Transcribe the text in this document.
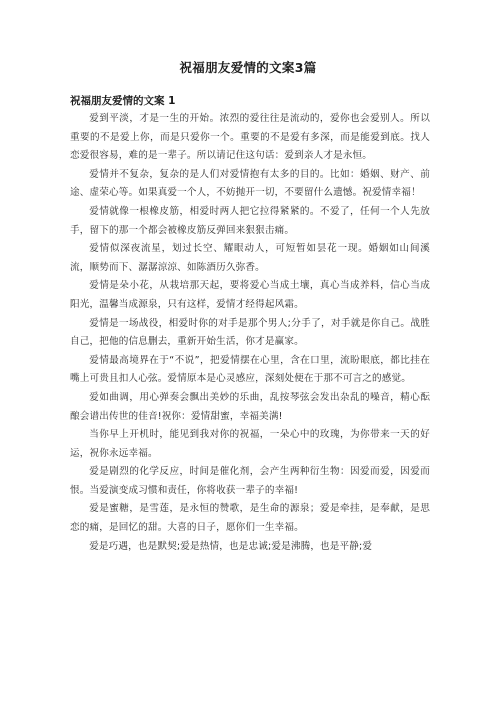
祝福朋友爱情的文案3篇
祝福朋友爱情的文案 1

爱到平淡，才是一生的开始。浓烈的爱往往是流动的，爱你也会爱别人。所以重要的不是爱上你，而是只爱你一个。重要的不是爱有多深，而是能爱到底。找人恋爱很容易，难的是一辈子。所以请记住这句话：爱到亲人才是永恒。

爱情并不复杂，复杂的是人们对爱情抱有太多的目的。比如：婚姻、财产、前途、虚荣心等。如果真爱一个人，不妨抛开一切，不要留什么遗憾。祝爱情幸福！

爱情就像一根橡皮筋，相爱时两人把它拉得紧紧的。不爱了，任何一个人先放手，留下的那一个都会被橡皮筋反弹回来狠狠击痛。

爱情似深夜流星，划过长空、耀眼动人，可短暂如昙花一现。婚姻如山间溪流，顺势而下、潺潺涼涼、如陈酒历久弥香。

爱情是朵小花，从栽培那天起，要将爱心当成土壤，真心当成养料，信心当成阳光，温馨当成源泉，只有这样，爱情才经得起风霜。

爱情是一场战役，相爱时你的对手是那个男人;分手了，对手就是你自己。战胜自己，把他的信息删去，重新开始生活，你才是赢家。

爱情最高境界在于“不说”，把爱情摆在心里，含在口里，流盼眼底，都比挂在嘴上可贵且扣人心弦。爱情原本是心灵感应，深刻处便在于那不可言之的感觉。

爱如曲调，用心弹奏会飘出美妙的乐曲，乱按琴弦会发出杂乱的噪音，精心酝酿会谱出传世的佳音!祝你：爱情甜蜜，幸福美满!

当你早上开机时，能见到我对你的祝福，一朵心中的玫瑰，为你带来一天的好运，祝你永远幸福。

爱是剧烈的化学反应，时间是催化剂，会产生两种衍生物：因爱而爱，因爱而恨。当爱演变成习惯和责任，你将收获一辈子的幸福!

爱是蜜糖，是雪莲，是永恒的赞歌，是生命的源泉；爱是牵挂，是奉献，是思恋的痛，是回忆的甜。大喜的日子，愿你们一生幸福。

爱是巧遇，也是默契;爱是热情，也是忠诚;爱是沸腾，也是平静;爱
